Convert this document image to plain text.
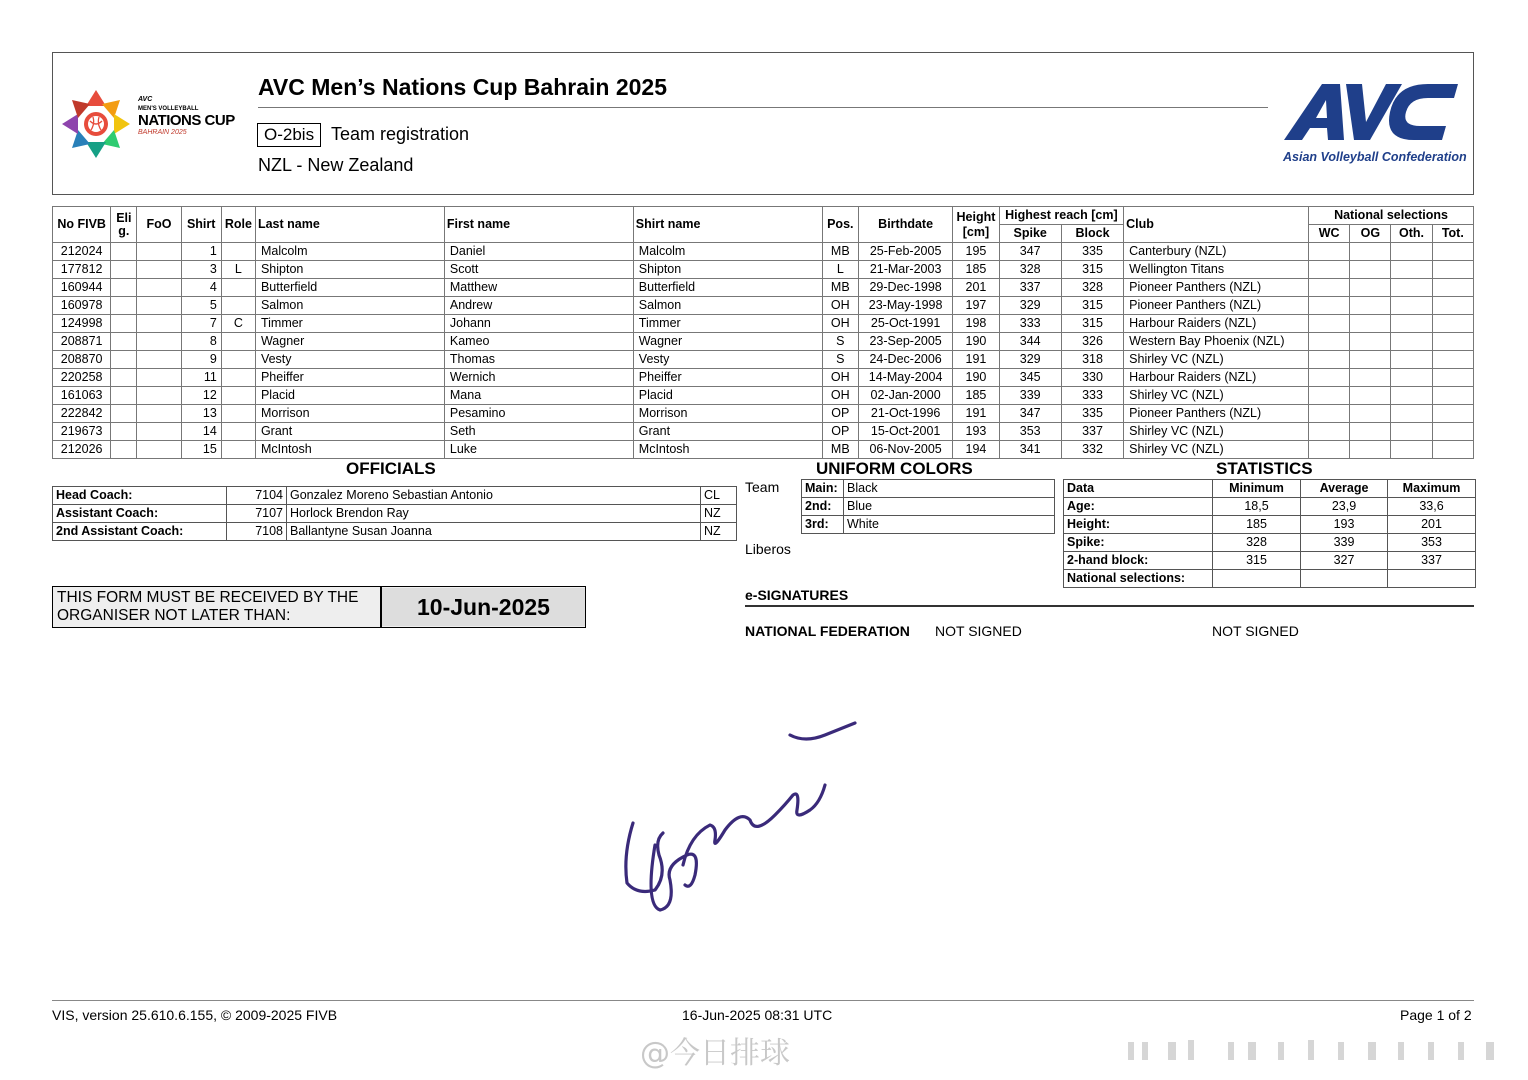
AVC
MEN'S VOLLEYBALL
NATIONS CUP
BAHRAIN 2025
AVC Men’s Nations Cup Bahrain 2025
O-2bis Team registration
NZL - New Zealand	Asian Volleyball Confederation
No FIVB	Eli g.	FoO	Shirt	Role	Last name	First name	Shirt name	Pos.	Birthdate	Height [cm]	Highest reach [cm]		Club	National selections			
											Spike	Block		WC	OG	Oth.	Tot.
212024			1		Malcolm	Daniel	Malcolm	MB	25-Feb-2005	195	347	335	Canterbury (NZL)				
177812			3	L	Shipton	Scott	Shipton	L	21-Mar-2003	185	328	315	Wellington Titans				
160944			4		Butterfield	Matthew	Butterfield	MB	29-Dec-1998	201	337	328	Pioneer Panthers (NZL)				
160978			5		Salmon	Andrew	Salmon	OH	23-May-1998	197	329	315	Pioneer Panthers (NZL)				
124998			7	C	Timmer	Johann	Timmer	OH	25-Oct-1991	198	333	315	Harbour Raiders (NZL)				
208871			8		Wagner	Kameo	Wagner	S	23-Sep-2005	190	344	326	Western Bay Phoenix (NZL)				
208870			9		Vesty	Thomas	Vesty	S	24-Dec-2006	191	329	318	Shirley VC (NZL)				
220258			11		Pheiffer	Wernich	Pheiffer	OH	14-May-2004	190	345	330	Harbour Raiders (NZL)				
161063			12		Placid	Mana	Placid	OH	02-Jan-2000	185	339	333	Shirley VC (NZL)				
222842			13		Morrison	Pesamino	Morrison	OP	21-Oct-1996	191	347	335	Pioneer Panthers (NZL)				
219673			14		Grant	Seth	Grant	OP	15-Oct-2001	193	353	337	Shirley VC (NZL)				
212026			15		McIntosh	Luke	McIntosh	MB	06-Nov-2005	194	341	332	Shirley VC (NZL)				
OFFICIALS	UNIFORM COLORS	STATISTICS
Head Coach:	7104	Gonzalez Moreno Sebastian Antonio	CL
Assistant Coach:	7107	Horlock Brendon Ray	NZ
2nd Assistant Coach:	7108	Ballantyne Susan Joanna	NZ
Team
Liberos
Main:	Black
2nd:	Blue
3rd:	White
Data	Minimum	Average	Maximum
Age:	18,5	23,9	33,6
Height:	185	193	201
Spike:	328	339	353
2-hand block:	315	327	337
National selections:			
THIS FORM MUST BE RECEIVED BY THE ORGANISER NOT LATER THAN:	10-Jun-2025	e-SIGNATURES
NATIONAL FEDERATION NOT SIGNED	NOT SIGNED
VIS, version 25.610.6.155, © 2009-2025 FIVB	16-Jun-2025 08:31 UTC	Page 1 of 2
@今日排球
